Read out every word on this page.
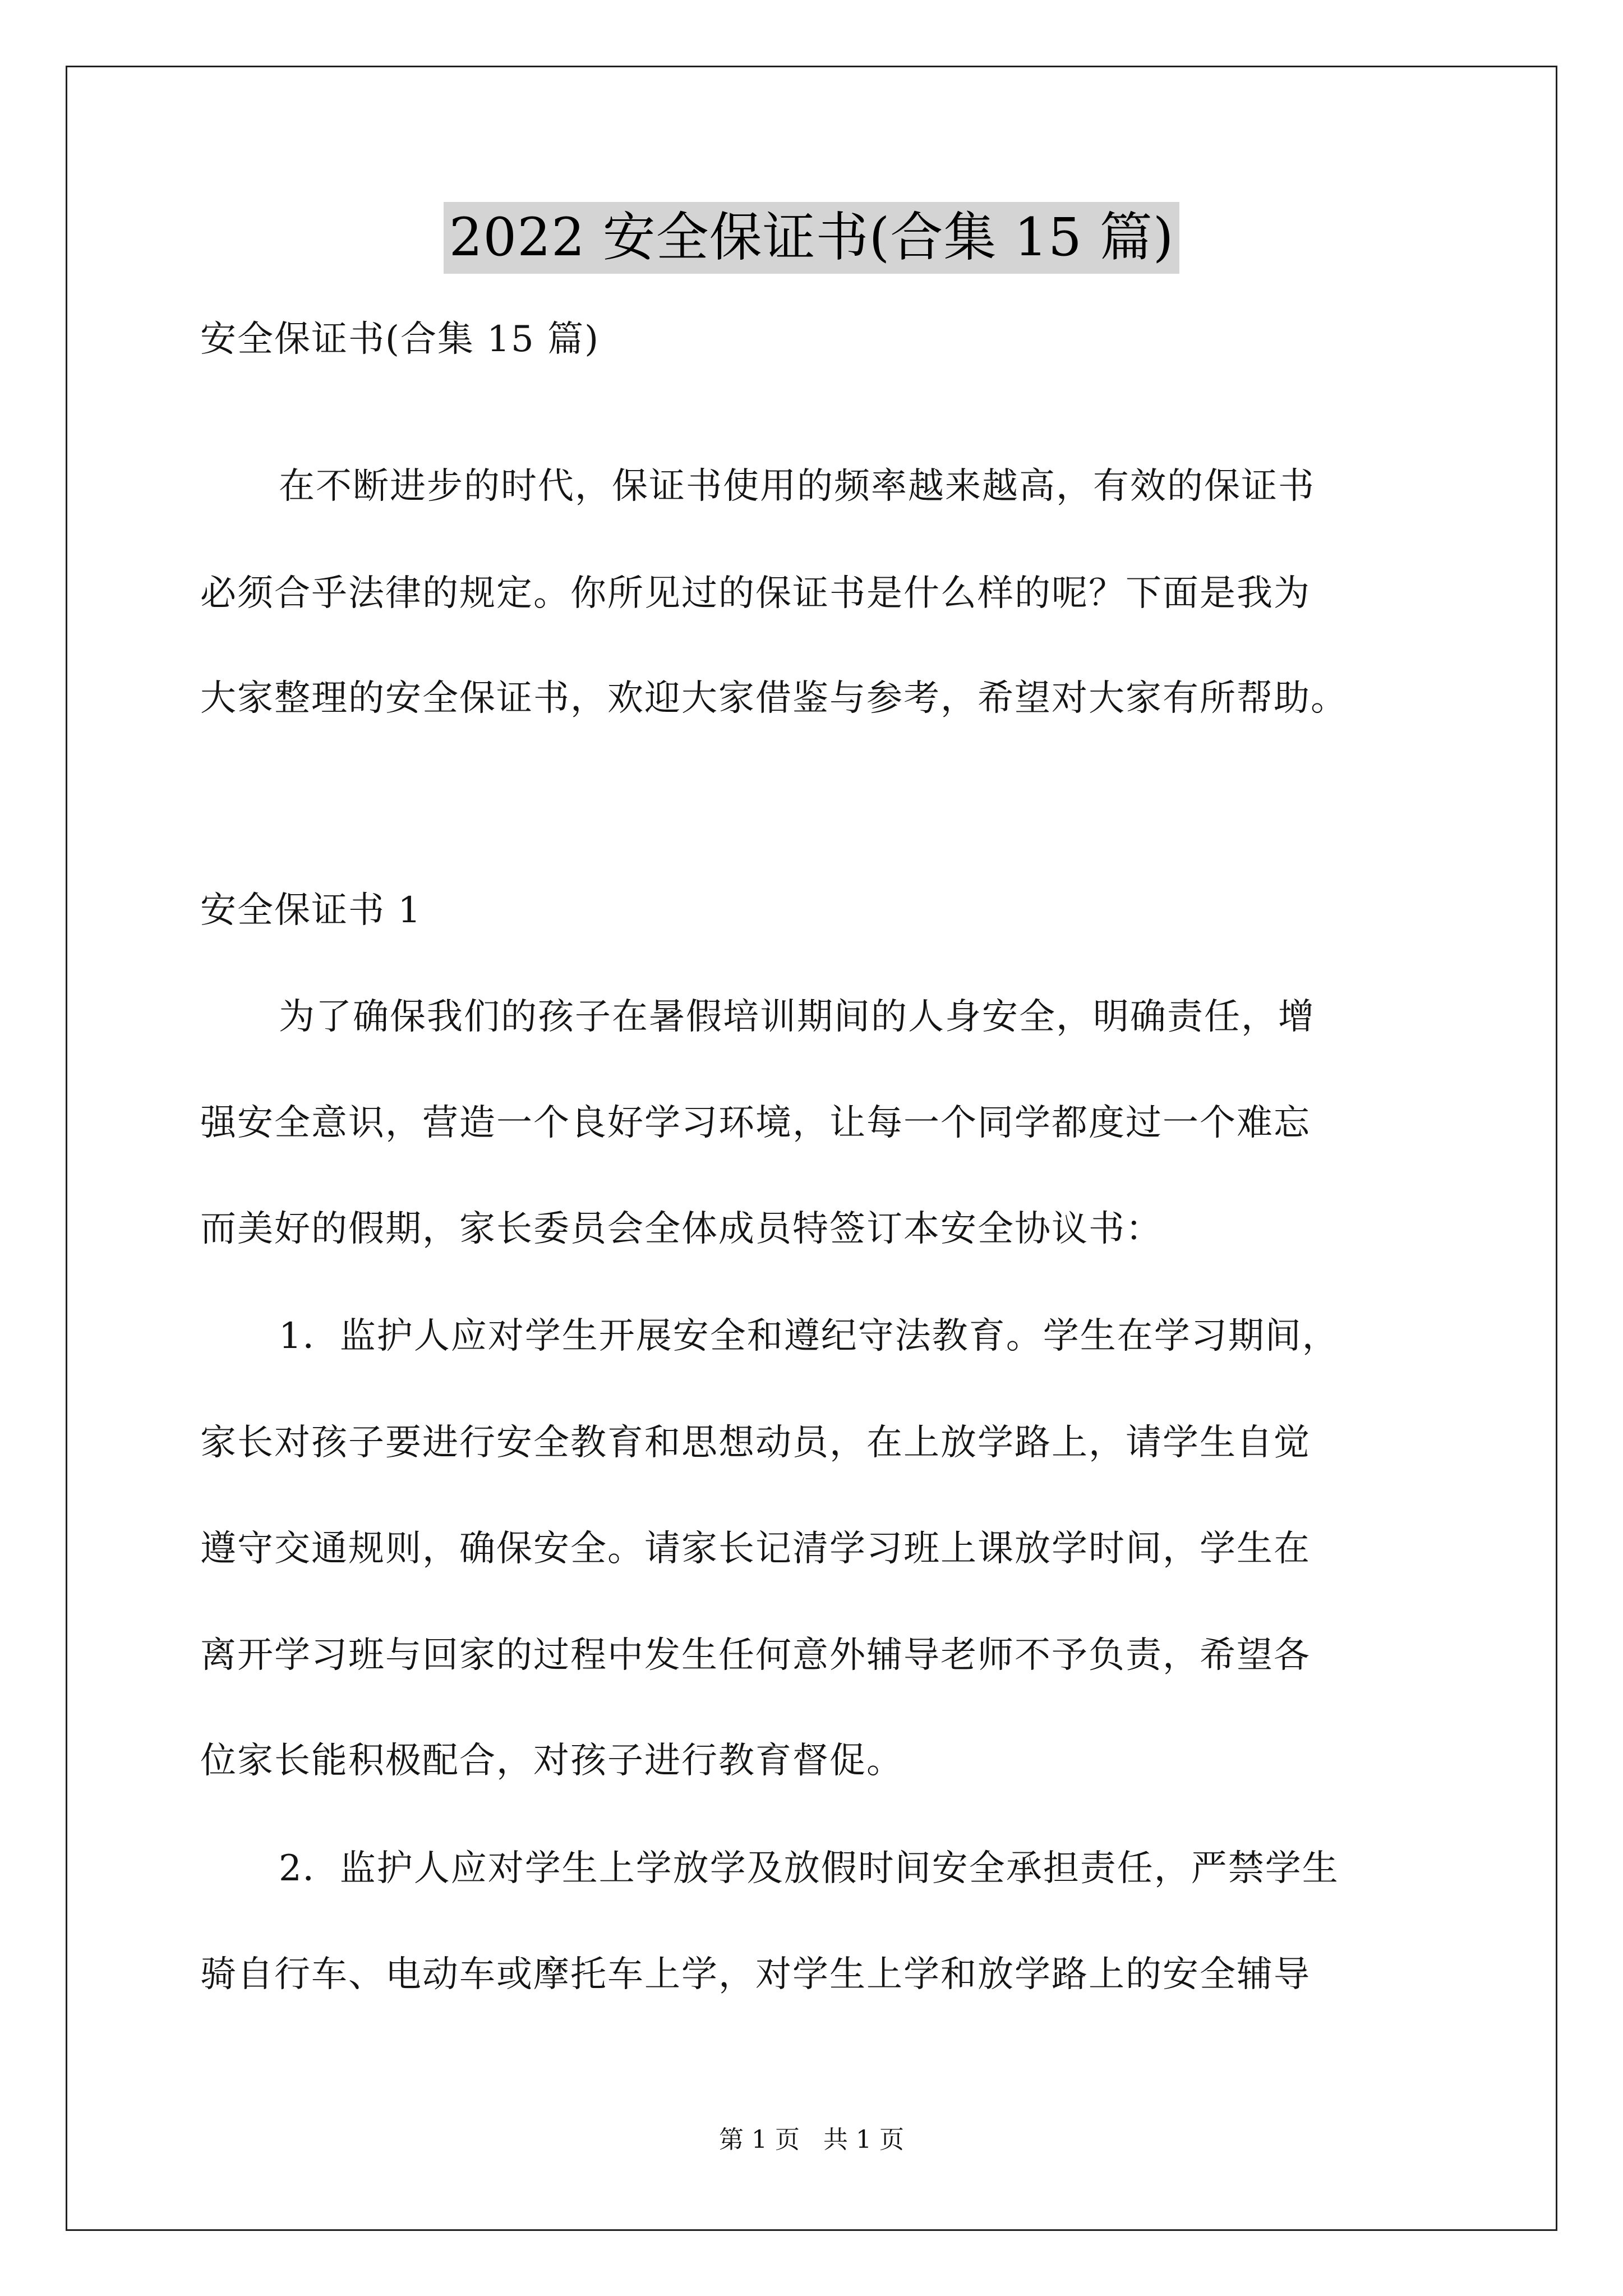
2022 安全保证书(合集 15 篇)
安全保证书(合集 15 篇)
在不断进步的时代，保证书使用的频率越来越高，有效的保证书
必须合乎法律的规定。你所见过的保证书是什么样的呢？下面是我为
大家整理的安全保证书，欢迎大家借鉴与参考，希望对大家有所帮助。
安全保证书 1
为了确保我们的孩子在暑假培训期间的人身安全，明确责任，增
强安全意识，营造一个良好学习环境，让每一个同学都度过一个难忘
而美好的假期，家长委员会全体成员特签订本安全协议书：
1．监护人应对学生开展安全和遵纪守法教育。学生在学习期间，
家长对孩子要进行安全教育和思想动员，在上放学路上，请学生自觉
遵守交通规则，确保安全。请家长记清学习班上课放学时间，学生在
离开学习班与回家的过程中发生任何意外辅导老师不予负责，希望各
位家长能积极配合，对孩子进行教育督促。
2．监护人应对学生上学放学及放假时间安全承担责任，严禁学生
骑自行车、电动车或摩托车上学，对学生上学和放学路上的安全辅导
第 1 页   共 1 页
